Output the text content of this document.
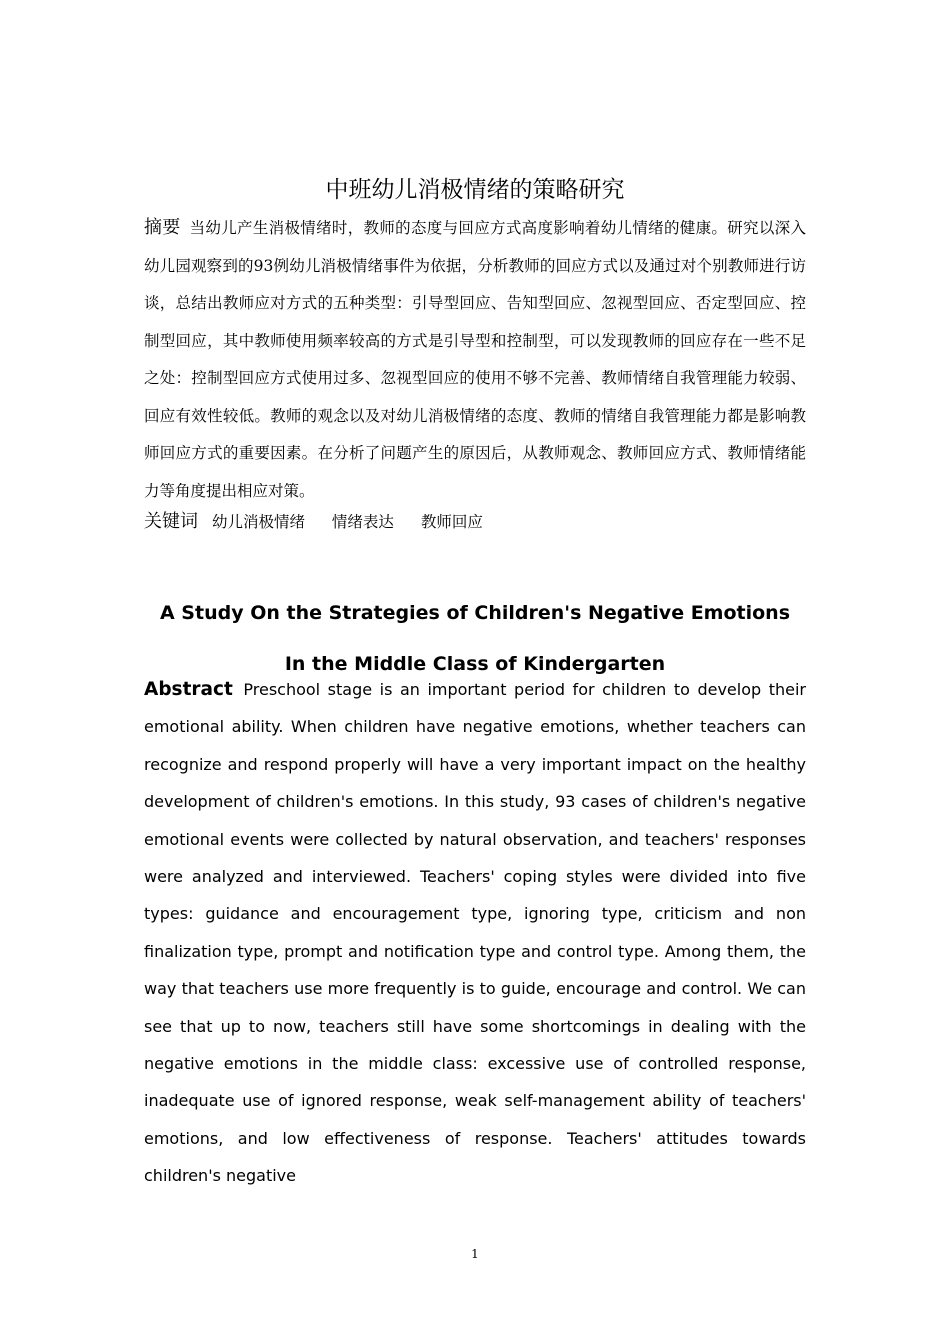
中班幼儿消极情绪的策略研究

摘要 当幼儿产生消极情绪时，教师的态度与回应方式高度影响着幼儿情绪的健康。研究以深入幼儿园观察到的93例幼儿消极情绪事件为依据，分析教师的回应方式以及通过对个别教师进行访谈，总结出教师应对方式的五种类型：引导型回应、告知型回应、忽视型回应、否定型回应、控制型回应，其中教师使用频率较高的方式是引导型和控制型，可以发现教师的回应存在一些不足之处：控制型回应方式使用过多、忽视型回应的使用不够不完善、教师情绪自我管理能力较弱、回应有效性较低。教师的观念以及对幼儿消极情绪的态度、教师的情绪自我管理能力都是影响教师回应方式的重要因素。在分析了问题产生的原因后，从教师观念、教师回应方式、教师情绪能力等角度提出相应对策。

关键词 幼儿消极情绪 情绪表达 教师回应
A Study On the Strategies of Children's Negative Emotions
In the Middle Class of Kindergarten

Abstract Preschool stage is an important period for children to develop their emotional ability. When children have negative emotions, whether teachers can recognize and respond properly will have a very important impact on the healthy development of children's emotions. In this study, 93 cases of children's negative emotional events were collected by natural observation, and teachers' responses were analyzed and interviewed. Teachers' coping styles were divided into five types: guidance and encouragement type, ignoring type, criticism and non finalization type, prompt and notification type and control type. Among them, the way that teachers use more frequently is to guide, encourage and control. We can see that up to now, teachers still have some shortcomings in dealing with the negative emotions in the middle class: excessive use of controlled response, inadequate use of ignored response, weak self-management ability of teachers' emotions, and low effectiveness of response. Teachers' attitudes towards children's negative

1
